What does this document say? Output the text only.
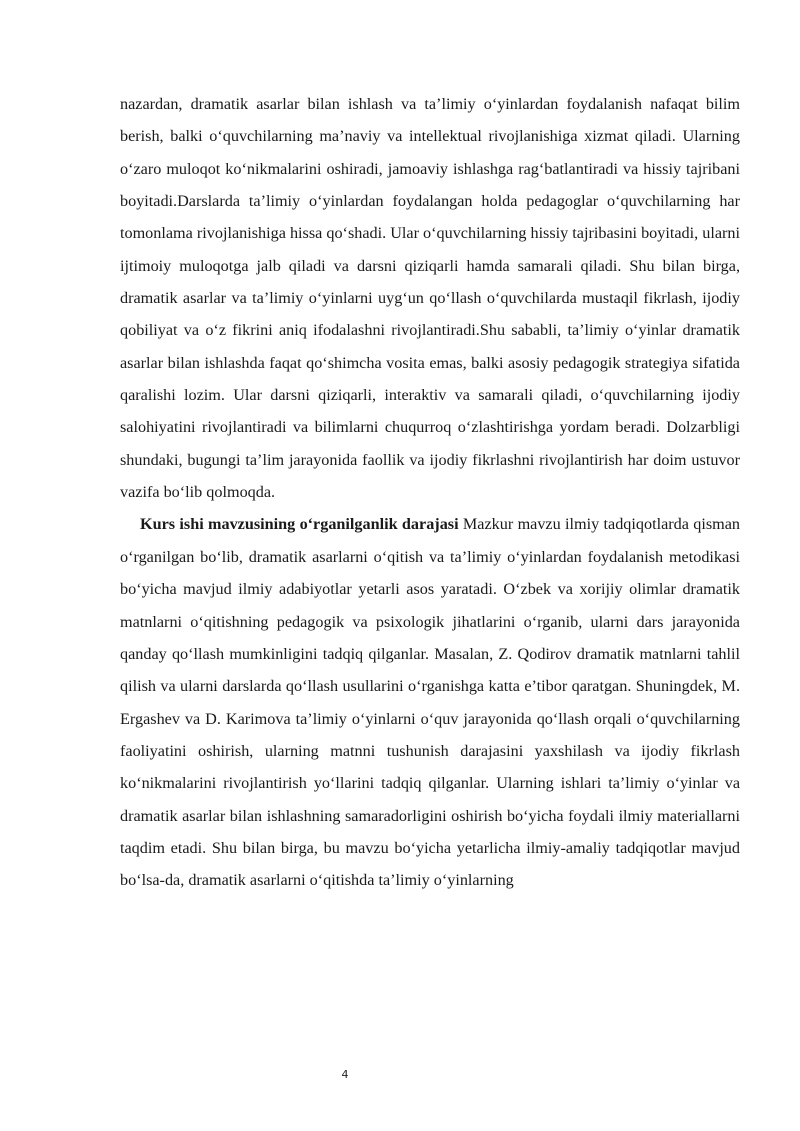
nazardan, dramatik asarlar bilan ishlash va ta’limiy o‘yinlardan foydalanish nafaqat bilim berish, balki o‘quvchilarning ma’naviy va intellektual rivojlanishiga xizmat qiladi. Ularning o‘zaro muloqot ko‘nikmalarini oshiradi, jamoaviy ishlashga rag‘batlantiradi va hissiy tajribani boyitadi.Darslarda ta’limiy o‘yinlardan foydalangan holda pedagoglar o‘quvchilarning har tomonlama rivojlanishiga hissa qo‘shadi. Ular o‘quvchilarning hissiy tajribasini boyitadi, ularni ijtimoiy muloqotga jalb qiladi va darsni qiziqarli hamda samarali qiladi. Shu bilan birga, dramatik asarlar va ta’limiy o‘yinlarni uyg‘un qo‘llash o‘quvchilarda mustaqil fikrlash, ijodiy qobiliyat va o‘z fikrini aniq ifodalashni rivojlantiradi.Shu sababli, ta’limiy o‘yinlar dramatik asarlar bilan ishlashda faqat qo‘shimcha vosita emas, balki asosiy pedagogik strategiya sifatida qaralishi lozim. Ular darsni qiziqarli, interaktiv va samarali qiladi, o‘quvchilarning ijodiy salohiyatini rivojlantiradi va bilimlarni chuqurroq o‘zlashtirishga yordam beradi. Dolzarbligi shundaki, bugungi ta’lim jarayonida faollik va ijodiy fikrlashni rivojlantirish har doim ustuvor vazifa bo‘lib qolmoqda.

Kurs ishi mavzusining o‘rganilganlik darajasi Mazkur mavzu ilmiy tadqiqotlarda qisman o‘rganilgan bo‘lib, dramatik asarlarni o‘qitish va ta’limiy o‘yinlardan foydalanish metodikasi bo‘yicha mavjud ilmiy adabiyotlar yetarli asos yaratadi. O‘zbek va xorijiy olimlar dramatik matnlarni o‘qitishning pedagogik va psixologik jihatlarini o‘rganib, ularni dars jarayonida qanday qo‘llash mumkinligini tadqiq qilganlar. Masalan, Z. Qodirov dramatik matnlarni tahlil qilish va ularni darslarda qo‘llash usullarini o‘rganishga katta e’tibor qaratgan. Shuningdek, M. Ergashev va D. Karimova ta’limiy o‘yinlarni o‘quv jarayonida qo‘llash orqali o‘quvchilarning faoliyatini oshirish, ularning matnni tushunish darajasini yaxshilash va ijodiy fikrlash ko‘nikmalarini rivojlantirish yo‘llarini tadqiq qilganlar. Ularning ishlari ta’limiy o‘yinlar va dramatik asarlar bilan ishlashning samaradorligini oshirish bo‘yicha foydali ilmiy materiallarni taqdim etadi. Shu bilan birga, bu mavzu bo‘yicha yetarlicha ilmiy-amaliy tadqiqotlar mavjud bo‘lsa-da, dramatik asarlarni o‘qitishda ta’limiy o‘yinlarning

4
